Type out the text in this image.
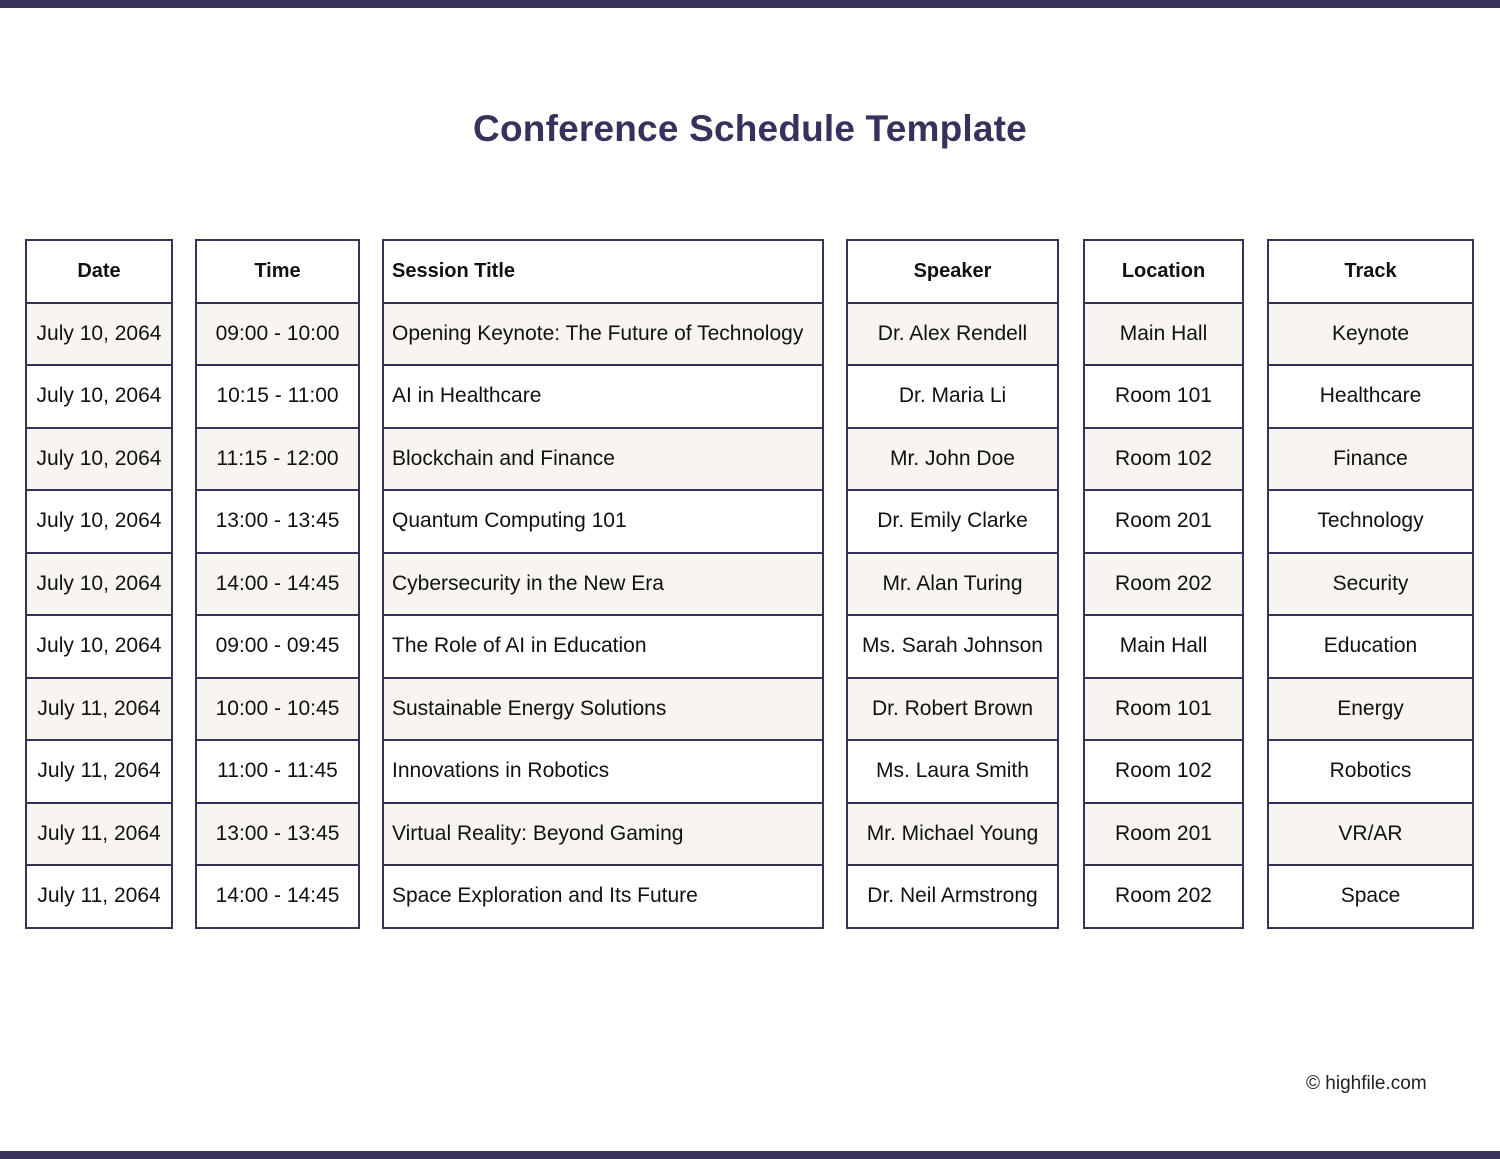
Conference Schedule Template
Date
July 10, 2064
July 10, 2064
July 10, 2064
July 10, 2064
July 10, 2064
July 10, 2064
July 11, 2064
July 11, 2064
July 11, 2064
July 11, 2064
Time
09:00 - 10:00
10:15 - 11:00
11:15 - 12:00
13:00 - 13:45
14:00 - 14:45
09:00 - 09:45
10:00 - 10:45
11:00 - 11:45
13:00 - 13:45
14:00 - 14:45
Session Title
Opening Keynote: The Future of Technology
AI in Healthcare
Blockchain and Finance
Quantum Computing 101
Cybersecurity in the New Era
The Role of AI in Education
Sustainable Energy Solutions
Innovations in Robotics
Virtual Reality: Beyond Gaming
Space Exploration and Its Future
Speaker
Dr. Alex Rendell
Dr. Maria Li
Mr. John Doe
Dr. Emily Clarke
Mr. Alan Turing
Ms. Sarah Johnson
Dr. Robert Brown
Ms. Laura Smith
Mr. Michael Young
Dr. Neil Armstrong
Location
Main Hall
Room 101
Room 102
Room 201
Room 202
Main Hall
Room 101
Room 102
Room 201
Room 202
Track
Keynote
Healthcare
Finance
Technology
Security
Education
Energy
Robotics
VR/AR
Space
© highfile.com
